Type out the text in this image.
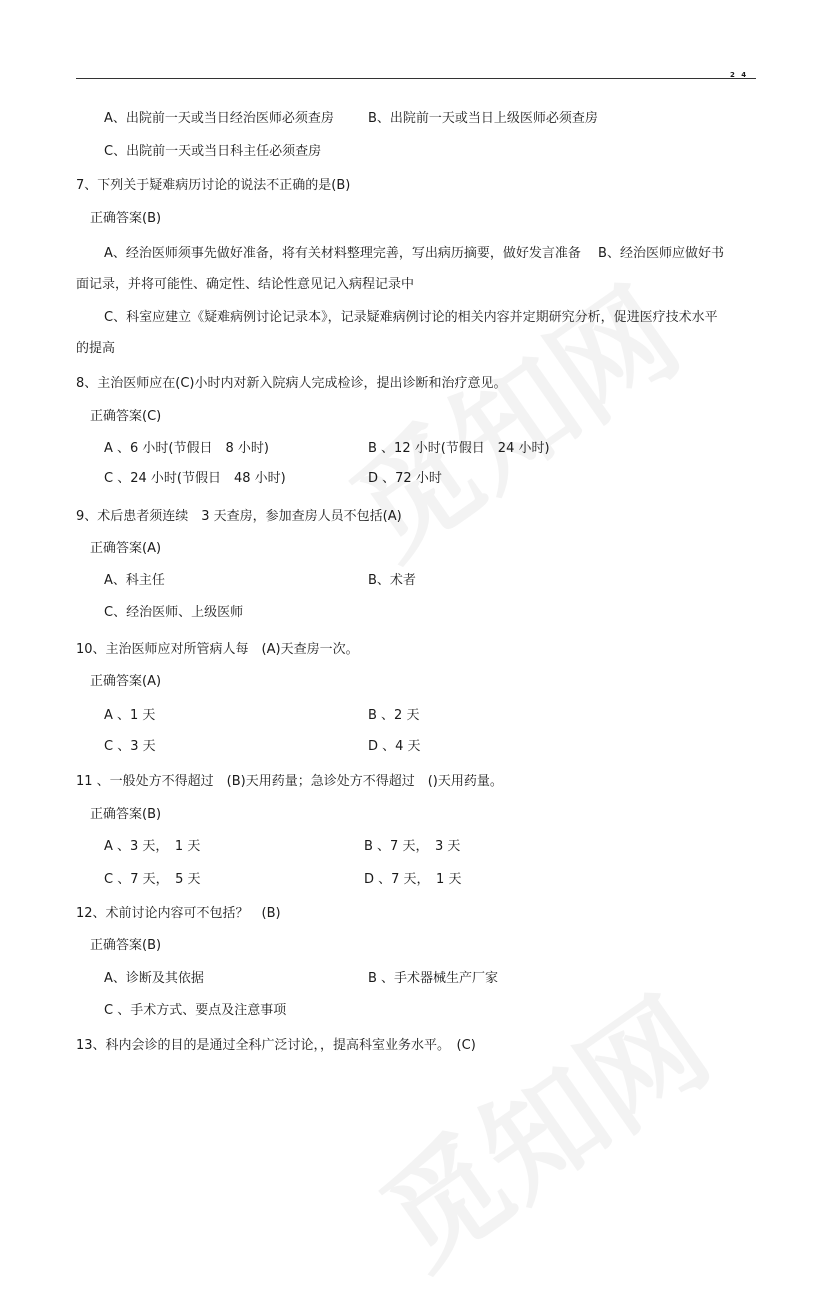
2 4
A、出院前一天或当日经治医师必须查房	B、出院前一天或当日上级医师必须查房
C、出院前一天或当日科主任必须查房
7、下列关于疑难病历讨论的说法不正确的是(B)
正确答案(B)
A、经治医师须事先做好准备，将有关材料整理完善，写出病历摘要，做好发言准备　 B、经治医师应做好书面记录，并将可能性、确定性、结论性意见记入病程记录中
C、科室应建立《疑难病例讨论记录本》，记录疑难病例讨论的相关内容并定期研究分析，促进医疗技术水平的提高
8、主治医师应在(C)小时内对新入院病人完成检诊，提出诊断和治疗意见。
正确答案(C)
A 、6 小时(节假日　8 小时)	B 、12 小时(节假日　24 小时)
C 、24 小时(节假日　48 小时)	D 、72 小时
9、术后患者须连续　3 天查房，参加查房人员不包括(A)
正确答案(A)
A、科主任	B、术者
C、经治医师、上级医师
10、主治医师应对所管病人每　(A)天查房一次。
正确答案(A)
A 、1 天	B 、2 天
C 、3 天	D 、4 天
11 、一般处方不得超过　(B)天用药量；急诊处方不得超过　()天用药量。
正确答案(B)
A 、3 天，　1 天	B 、7 天，　3 天
C 、7 天，　5 天	D 、7 天，　1 天
12、术前讨论内容可不包括？　(B)
正确答案(B)
A、诊断及其依据	B 、手术器械生产厂家
C 、手术方式、要点及注意事项
13、科内会诊的目的是通过全科广泛讨论，，提高科室业务水平。　(C)
